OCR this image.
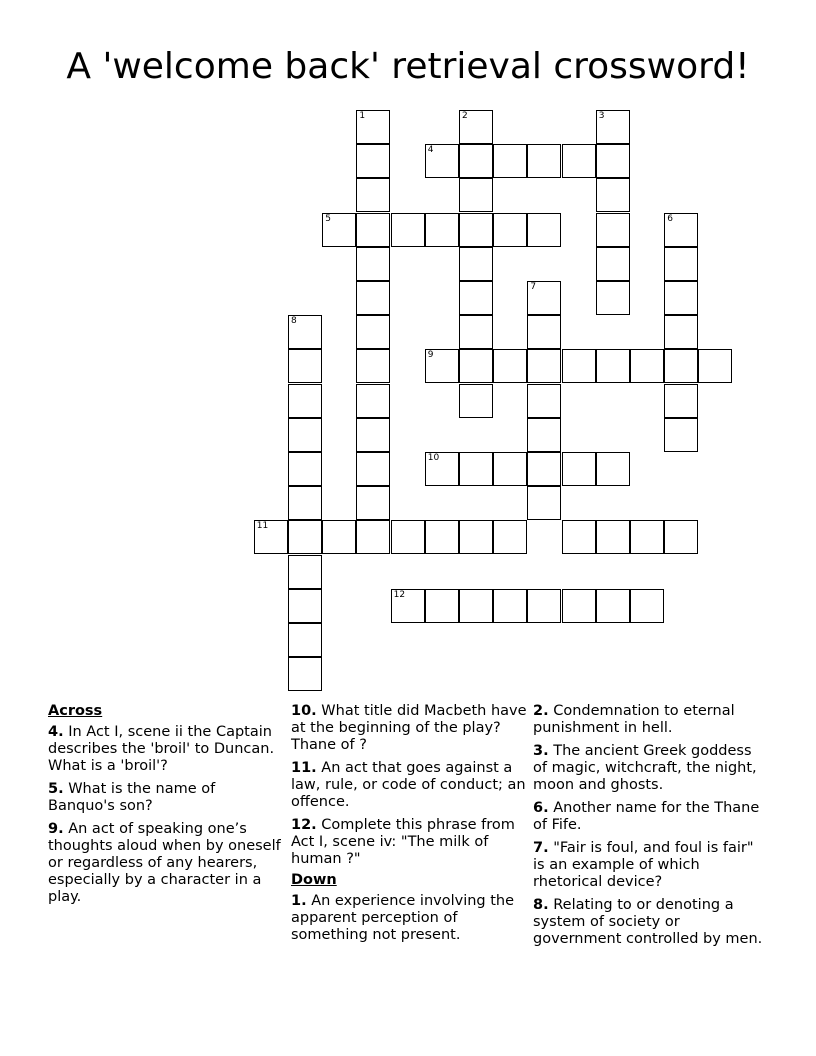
A 'welcome back' retrieval crossword!
1	2	3
4
5	6
7
8
9
10
11
12
Across
4. In Act I, scene ii the Captain describes the 'broil' to Duncan. What is a 'broil'?
5. What is the name of Banquo's son?
9. An act of speaking one’s thoughts aloud when by oneself or regardless of any hearers, especially by a character in a play.
10. What title did Macbeth have at the beginning of the play? Thane of ?
11. An act that goes against a law, rule, or code of conduct; an offence.
12. Complete this phrase from Act I, scene iv: "The milk of human ?"
Down
1. An experience involving the apparent perception of something not present.
2. Condemnation to eternal punishment in hell.
3. The ancient Greek goddess of magic, witchcraft, the night, moon and ghosts.
6. Another name for the Thane of Fife.
7. "Fair is foul, and foul is fair" is an example of which rhetorical device?
8. Relating to or denoting a system of society or government controlled by men.
